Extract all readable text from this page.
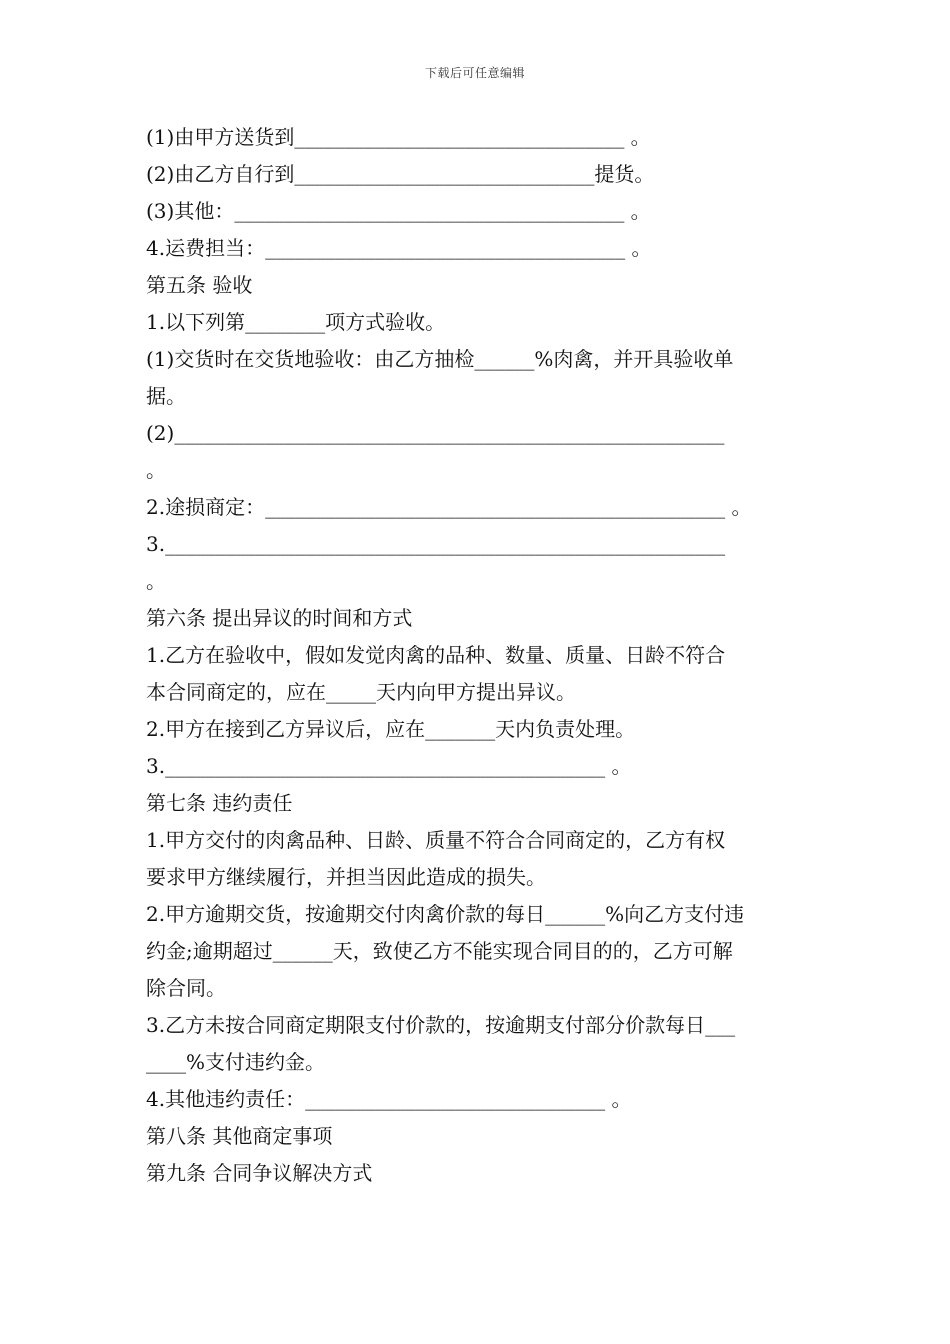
下载后可任意编辑
(1)由甲方送货到_________________________________ 。
(2)由乙方自行到______________________________提货。
(3)其他：_______________________________________ 。
4.运费担当：____________________________________ 。
第五条 验收
1.以下列第________项方式验收。
(1)交货时在交货地验收：由乙方抽检______%肉禽，并开具验收单
据。
(2)_______________________________________________________
。
2.途损商定：______________________________________________ 。
3.________________________________________________________
。
第六条 提出异议的时间和方式
1.乙方在验收中，假如发觉肉禽的品种、数量、质量、日龄不符合
本合同商定的，应在_____天内向甲方提出异议。
2.甲方在接到乙方异议后，应在_______天内负责处理。
3.____________________________________________ 。
第七条 违约责任
1.甲方交付的肉禽品种、日龄、质量不符合合同商定的，乙方有权
要求甲方继续履行，并担当因此造成的损失。
2.甲方逾期交货，按逾期交付肉禽价款的每日______%向乙方支付违
约金;逾期超过______天，致使乙方不能实现合同目的的，乙方可解
除合同。
3.乙方未按合同商定期限支付价款的，按逾期支付部分价款每日___
____%支付违约金。
4.其他违约责任：______________________________ 。
第八条 其他商定事项
第九条 合同争议解决方式
